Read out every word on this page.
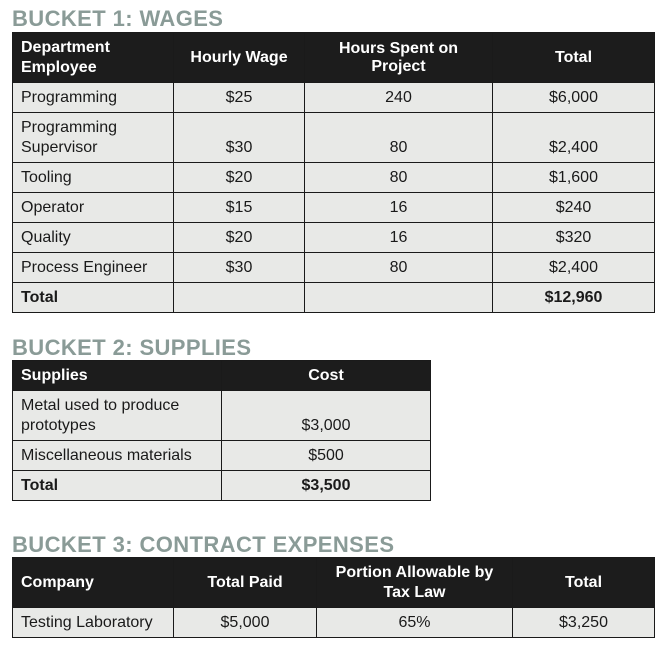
BUCKET 1: WAGES
Department Employee	Hourly Wage	Hours Spent on Project	Total
Programming	$25	240	$6,000
Programming Supervisor	$30	80	$2,400
Tooling	$20	80	$1,600
Operator	$15	16	$240
Quality	$20	16	$320
Process Engineer	$30	80	$2,400
Total			$12,960
BUCKET 2: SUPPLIES
Supplies	Cost
Metal used to produce prototypes	$3,000
Miscellaneous materials	$500
Total	$3,500
BUCKET 3: CONTRACT EXPENSES
Company	Total Paid	Portion Allowable by Tax Law	Total
Testing Laboratory	$5,000	65%	$3,250
